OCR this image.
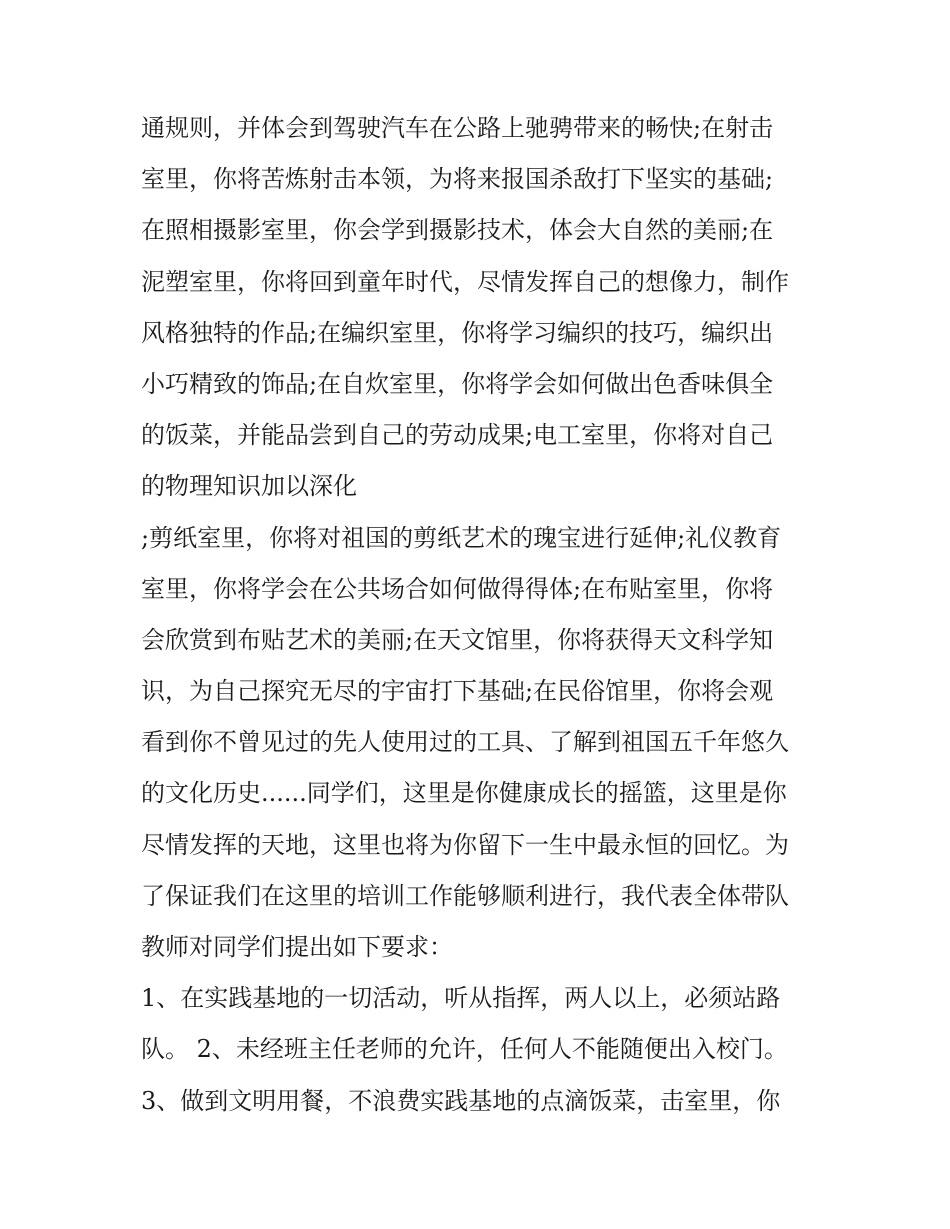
通规则，并体会到驾驶汽车在公路上驰骋带来的畅快;在射击
室里，你将苦炼射击本领，为将来报国杀敌打下坚实的基础;
在照相摄影室里，你会学到摄影技术，体会大自然的美丽;在
泥塑室里，你将回到童年时代，尽情发挥自己的想像力，制作
风格独特的作品;在编织室里，你将学习编织的技巧，编织出
小巧精致的饰品;在自炊室里，你将学会如何做出色香味俱全
的饭菜，并能品尝到自己的劳动成果;电工室里，你将对自己
的物理知识加以深化
;剪纸室里，你将对祖国的剪纸艺术的瑰宝进行延伸;礼仪教育
室里，你将学会在公共场合如何做得得体;在布贴室里，你将
会欣赏到布贴艺术的美丽;在天文馆里，你将获得天文科学知
识，为自己探究无尽的宇宙打下基础;在民俗馆里，你将会观
看到你不曾见过的先人使用过的工具、了解到祖国五千年悠久
的文化历史......同学们，这里是你健康成长的摇篮，这里是你
尽情发挥的天地，这里也将为你留下一生中最永恒的回忆。为
了保证我们在这里的培训工作能够顺利进行，我代表全体带队
教师对同学们提出如下要求：
1、在实践基地的一切活动，听从指挥，两人以上，必须站路
队。 2、未经班主任老师的允许，任何人不能随便出入校门。
3、做到文明用餐，不浪费实践基地的点滴饭菜，击室里，你
